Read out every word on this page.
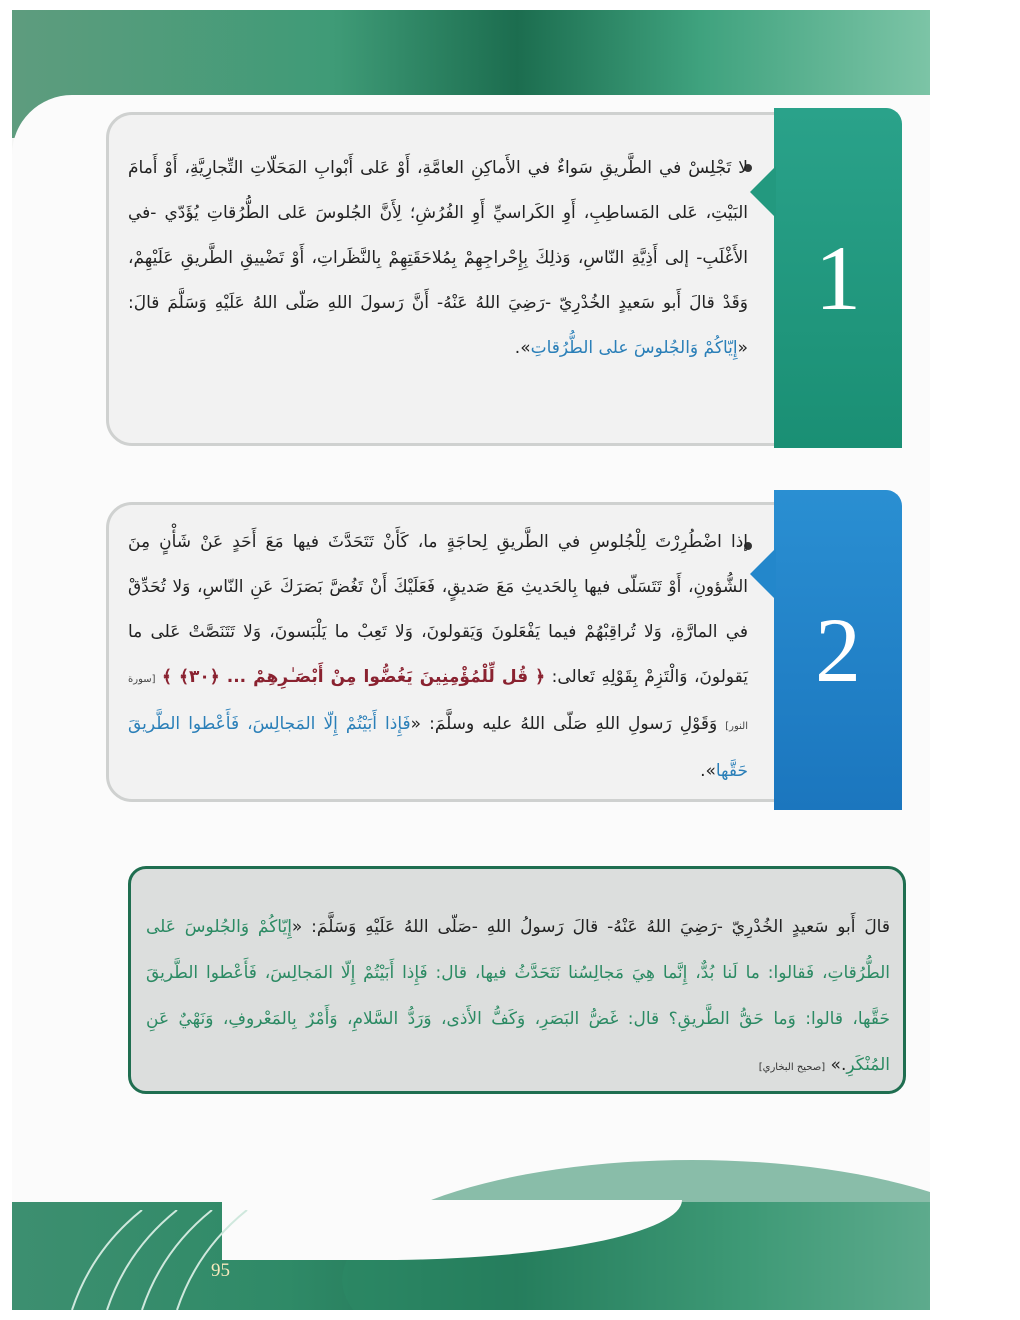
1
لا تَجْلِسْ في الطَّريقِ سَواءٌ في الأَماكِنِ العامَّةِ، أَوْ عَلى أَبْوابِ المَحَلّاتِ التِّجارِيَّةِ، أَوْ أَمامَ البَيْتِ، عَلى المَساطِبِ، أَوِ الكَراسيِّ أَوِ الفُرُشِ؛ لِأَنَّ الجُلوسَ عَلى الطُّرُقاتِ يُؤَدّي -في الأَغْلَبِ- إلى أَذِيَّةِ النّاسِ، وَذلِكَ بِإِحْراجِهِمْ بِمُلاحَقَتِهِمْ بِالنَّظَراتِ، أَوْ تَضْييقِ الطَّريقِ عَلَيْهِمْ، وَقَدْ قالَ أَبو سَعيدٍ الخُدْرِيّ -رَضِيَ اللهُ عَنْهُ- أَنَّ رَسولَ اللهِ صَلّى اللهُ عَلَيْهِ وَسَلَّمَ قالَ: «إِيّاكُمْ وَالجُلوسَ على الطُّرُقاتِ».
2
إذا اضْطُرِرْتَ لِلْجُلوسِ في الطَّريقِ لِحاجَةٍ ما، كَأَنْ تَتَحَدَّثَ فيها مَعَ أَحَدٍ عَنْ شَأْنٍ مِنَ الشُّؤونِ، أَوْ تَتَسَلّى فيها بِالحَديثِ مَعَ صَديقٍ، فَعَلَيْكَ أَنْ تَغُضَّ بَصَرَكَ عَنِ النّاسِ، وَلا تُحَدِّقْ في المارَّةِ، وَلا تُراقِبْهُمْ فيما يَفْعَلونَ وَيَقولونَ، وَلا تَعِبْ ما يَلْبَسونَ، وَلا تَتَنَصَّتْ عَلى ما يَقولونَ، وَالْتَزِمْ بِقَوْلِهِ تَعالى: ﴿ قُل لِّلْمُؤْمِنِينَ يَغُضُّوا مِنْ أَبْصَـٰرِهِمْ ... ﴿٣٠﴾ ﴾ [سورة النور] وَقَوْلِ رَسولِ اللهِ صَلّى اللهُ عليه وسلَّمَ: «فَإِذا أَبَيْتُمْ إِلّا المَجالِسَ، فَأَعْطوا الطَّريقَ حَقَّها».
قالَ أَبو سَعيدٍ الخُدْرِيّ -رَضِيَ اللهُ عَنْهُ- قالَ رَسولُ اللهِ -صَلّى اللهُ عَلَيْهِ وَسَلَّمَ: «إِيّاكُمْ وَالجُلوسَ عَلى الطُّرُقاتِ، فَقالوا: ما لَنا بُدٌّ، إِنَّما هِيَ مَجالِسُنا نَتَحَدَّثُ فيها، قال: فَإِذا أَبَيْتُمْ إِلّا المَجالِسَ، فَأَعْطوا الطَّريقَ حَقَّها، قالوا: وَما حَقُّ الطَّريقِ؟ قال: غَضُّ البَصَرِ، وَكَفُّ الأَذى، وَرَدُّ السَّلامِ، وَأَمْرٌ بِالمَعْروفِ، وَنَهْيٌ عَنِ المُنْكَرِ.» [صحيح البخاري]
95
